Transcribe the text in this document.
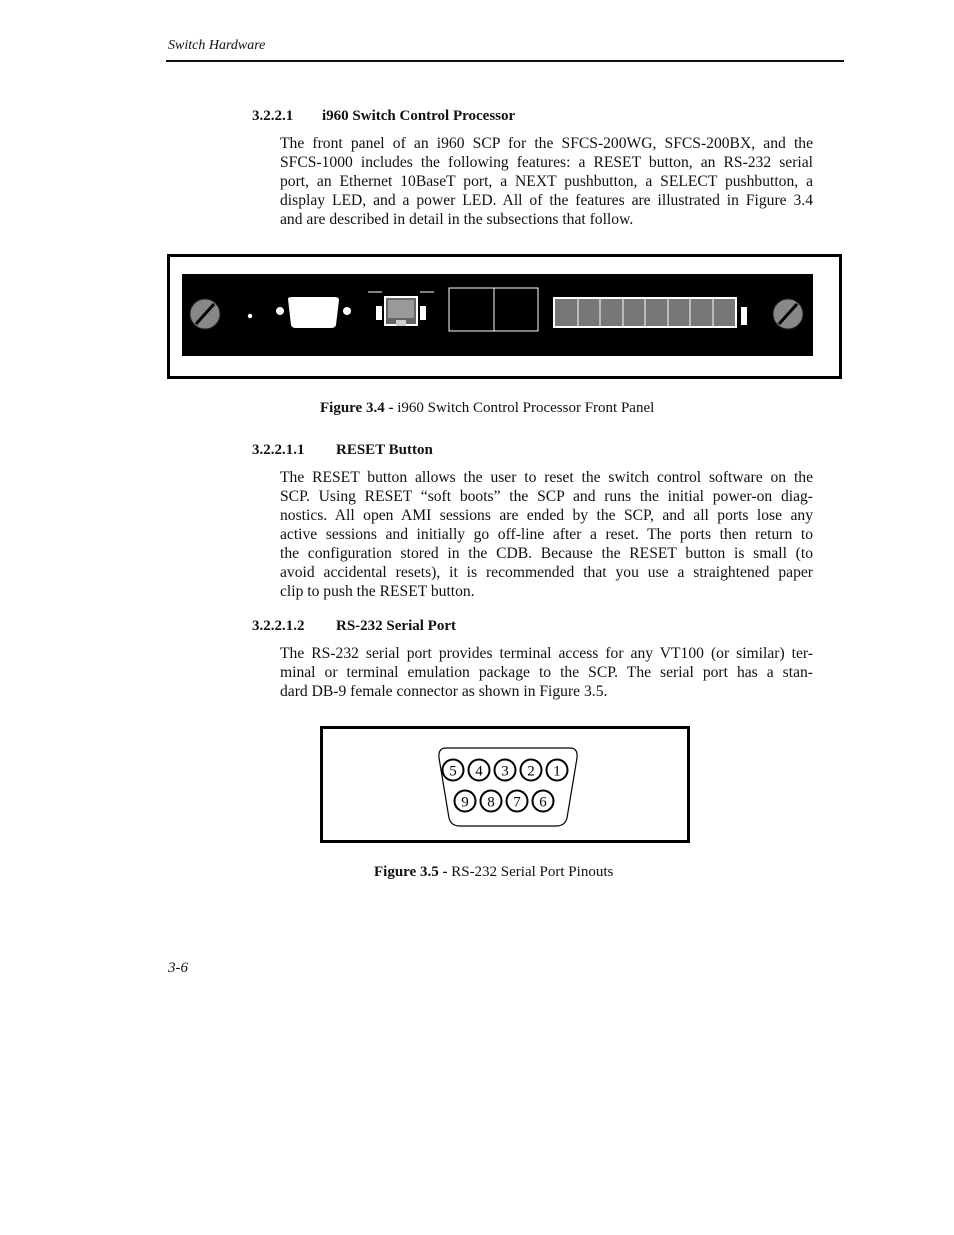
Switch Hardware
3.2.2.1 i960 Switch Control Processor
The front panel of an i960 SCP for the SFCS-200WG, SFCS-200BX, and the
SFCS-1000 includes the following features: a RESET button, an RS-232 serial
port, an Ethernet 10BaseT port, a NEXT pushbutton, a SELECT pushbutton, a
display LED, and a power LED. All of the features are illustrated in Figure 3.4
and are described in detail in the subsections that follow.
Figure 3.4 - i960 Switch Control Processor Front Panel
3.2.2.1.1 RESET Button
The RESET button allows the user to reset the switch control software on the
SCP. Using RESET “soft boots” the SCP and runs the initial power-on diag-
nostics. All open AMI sessions are ended by the SCP, and all ports lose any
active sessions and initially go off-line after a reset. The ports then return to
the configuration stored in the CDB. Because the RESET button is small (to
avoid accidental resets), it is recommended that you use a straightened paper
clip to push the RESET button.
3.2.2.1.2 RS-232 Serial Port
The RS-232 serial port provides terminal access for any VT100 (or similar) ter-
minal or terminal emulation package to the SCP. The serial port has a stan-
dard DB-9 female connector as shown in Figure 3.5.
1
2
3
4
5
6
7
8
9
Figure 3.5 - RS-232 Serial Port Pinouts
3-6
